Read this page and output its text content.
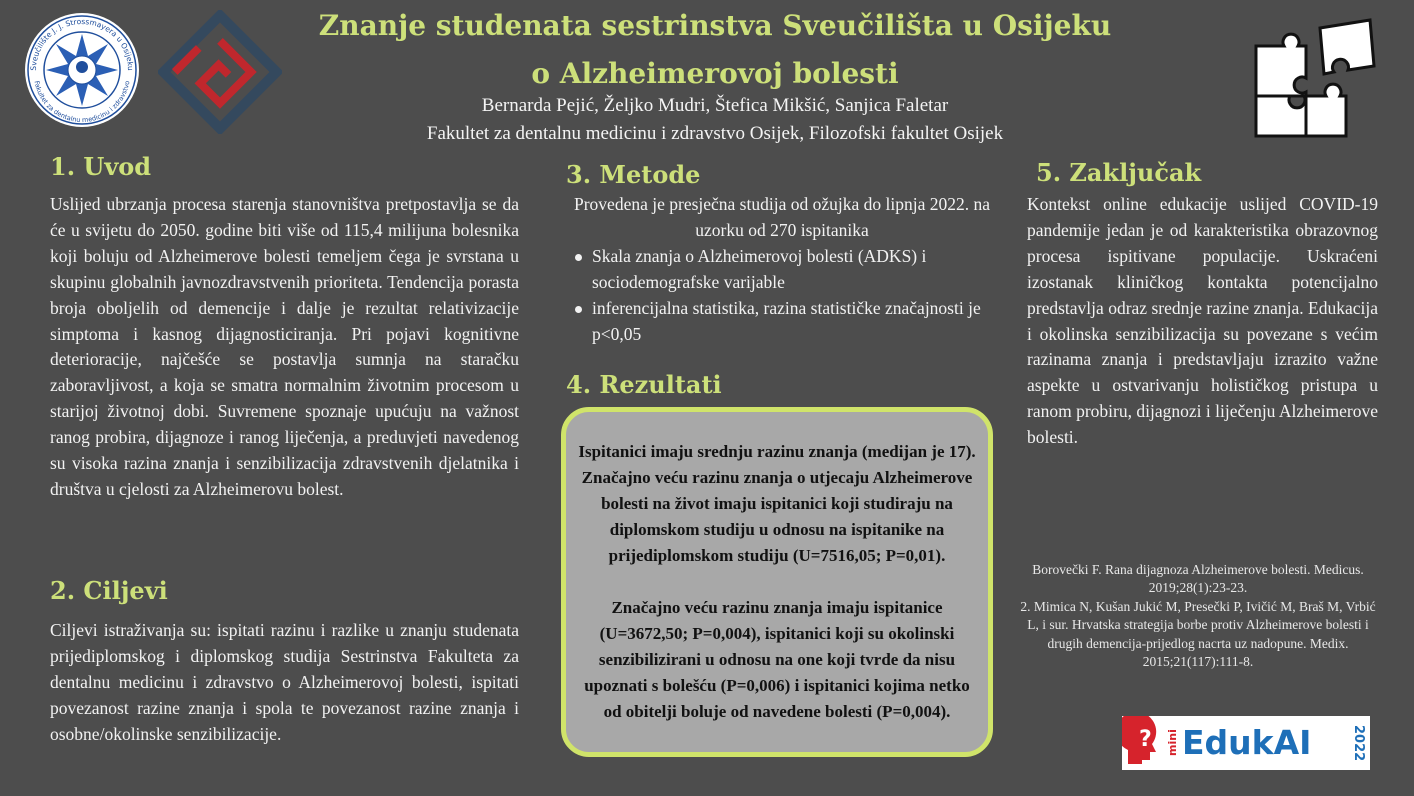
Sveučilište J. J. Strossmayera u Osijeku
Fakultet za dentalnu medicinu i zdravstvo
Znanje studenata sestrinstva Sveučilišta u Osijeku
o Alzheimerovoj bolesti
Bernarda Pejić, Željko Mudri, Štefica Mikšić, Sanjica Faletar
Fakultet za dentalnu medicinu i zdravstvo Osijek, Filozofski fakultet Osijek
1. Uvod
Uslijed ubrzanja procesa starenja stanovništva pretpostavlja se da će u svijetu do 2050. godine biti više od 115,4 milijuna bolesnika koji boluju od Alzheimerove bolesti temeljem čega je svrstana u skupinu globalnih javnozdravstvenih prioriteta. Tendencija porasta broja oboljelih od demencije i dalje je rezultat relativizacije simptoma i kasnog dijagnosticiranja. Pri pojavi kognitivne deterioracije, najčešće se postavlja sumnja na staračku zaboravljivost, a koja se smatra normalnim životnim procesom u starijoj životnoj dobi. Suvremene spoznaje upućuju na važnost ranog probira, dijagnoze i ranog liječenja, a preduvjeti navedenog su visoka razina znanja i senzibilizacija zdravstvenih djelatnika i društva u cjelosti za Alzheimerovu bolest.
2. Ciljevi
Ciljevi istraživanja su: ispitati razinu i razlike u znanju studenata prijediplomskog i diplomskog studija Sestrinstva Fakulteta za dentalnu medicinu i zdravstvo o Alzheimerovoj bolesti, ispitati povezanost razine znanja i spola te povezanost razine znanja i osobne/okolinske senzibilizacije.
3. Metode
Provedena je presječna studija od ožujka do lipnja 2022. na uzorku od 270 ispitanika
Skala znanja o Alzheimerovoj bolesti (ADKS) i sociodemografske varijable
inferencijalna statistika, razina statističke značajnosti je p<0,05
4. Rezultati

Ispitanici imaju srednju razinu znanja (medijan je 17). Značajno veću razinu znanja o utjecaju Alzheimerove bolesti na život imaju ispitanici koji studiraju na diplomskom studiju u odnosu na ispitanike na prijediplomskom studiju (U=7516,05; P=0,01).

Značajno veću razinu znanja imaju ispitanice (U=3672,50; P=0,004), ispitanici koji su okolinski senzibilizirani u odnosu na one koji tvrde da nisu upoznati s bolešću (P=0,006) i ispitanici kojima netko od obitelji boluje od navedene bolesti (P=0,004).

5. Zaključak
Kontekst online edukacije uslijed COVID-19 pandemije jedan je od karakteristika obrazovnog procesa ispitivane populacije. Uskraćeni izostanak kliničkog kontakta potencijalno predstavlja odraz srednje razine znanja. Edukacija i okolinska senzibilizacija su povezane s većim razinama znanja i predstavljaju izrazito važne aspekte u ostvarivanju holističkog pristupa u ranom probiru, dijagnozi i liječenju Alzheimerove bolesti.

Borovečki F. Rana dijagnoza Alzheimerove bolesti. Medicus. 2019;28(1):23-23.

2. Mimica N, Kušan Jukić M, Presečki P, Ivičić M, Braš M, Vrbić L, i sur. Hrvatska strategija borbe protiv Alzheimerove bolesti i drugih demencija-prijedlog nacrta uz nadopune. Medix. 2015;21(117):111-8.

? mini EdukAI	2022
